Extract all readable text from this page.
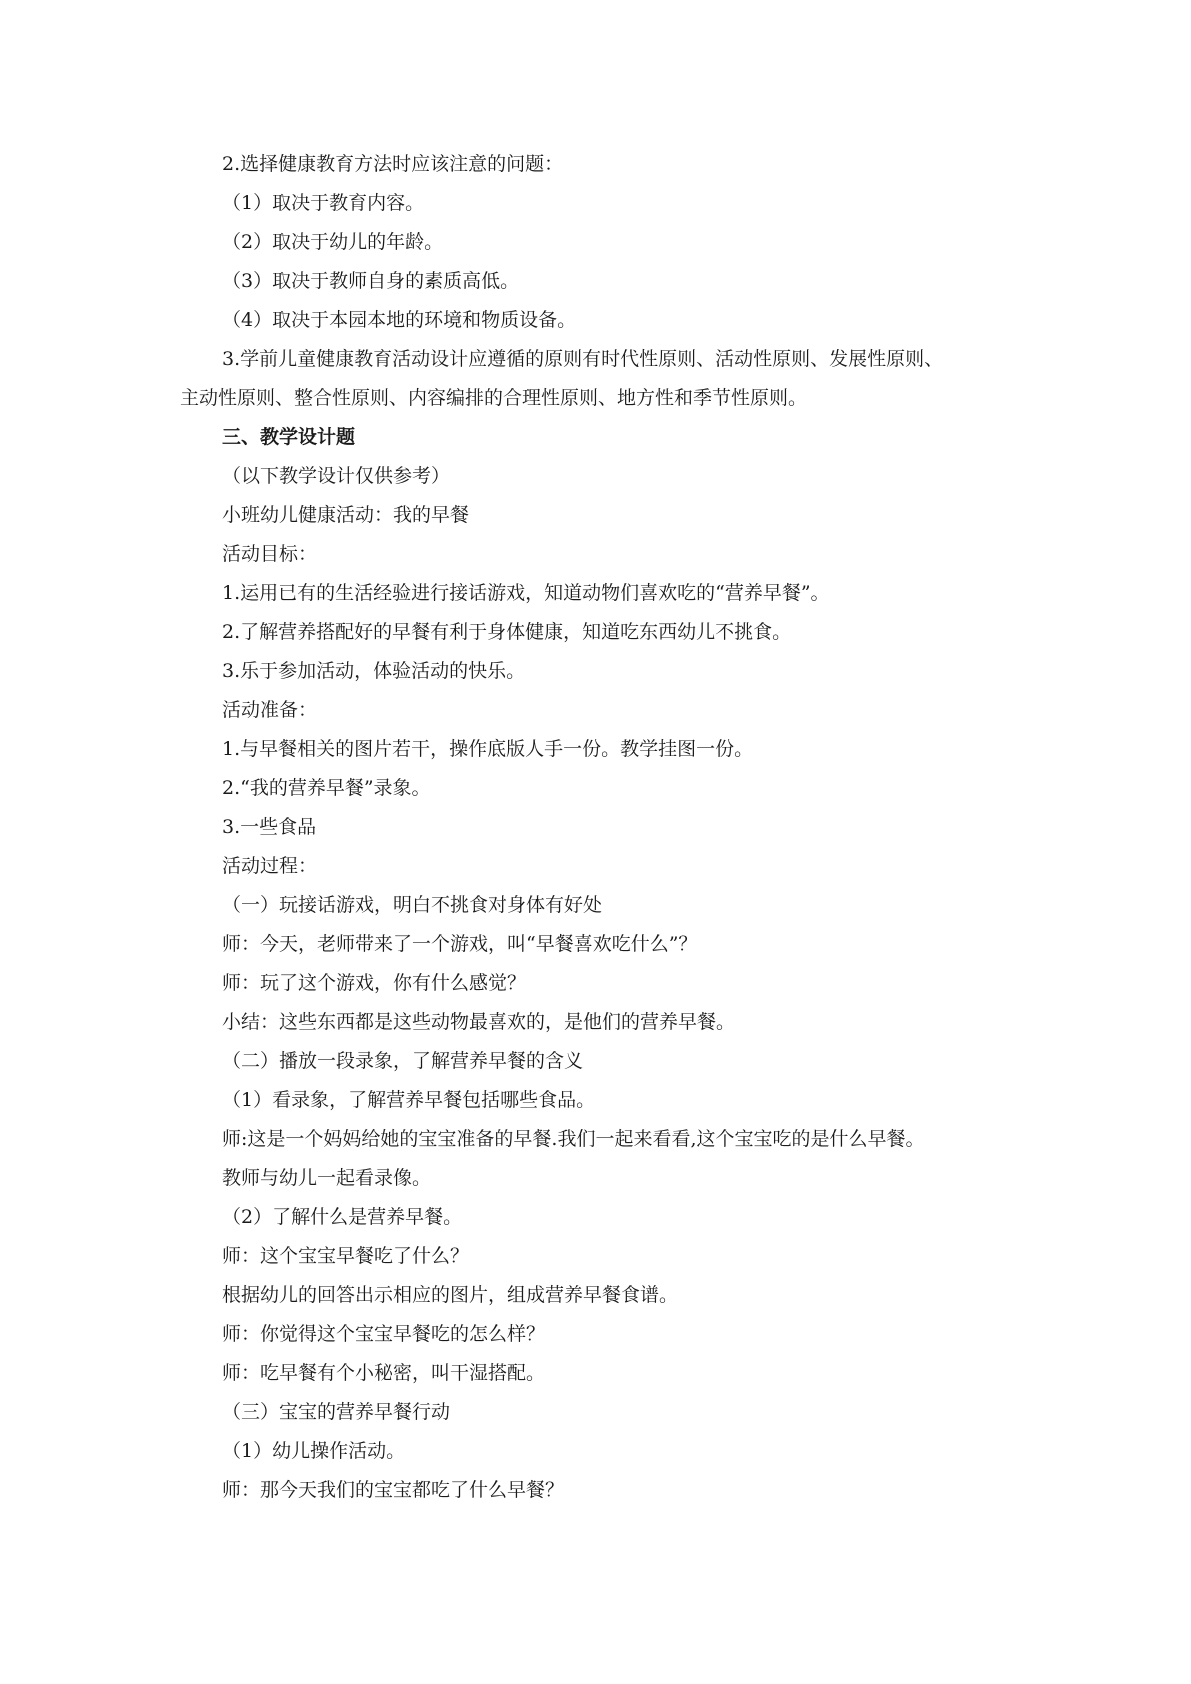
2.选择健康教育方法时应该注意的问题：
（1）取决于教育内容。
（2）取决于幼儿的年龄。
（3）取决于教师自身的素质高低。
（4）取决于本园本地的环境和物质设备。
3.学前儿童健康教育活动设计应遵循的原则有时代性原则、活动性原则、发展性原则、
主动性原则、整合性原则、内容编排的合理性原则、地方性和季节性原则。
三、教学设计题
（以下教学设计仅供参考）
小班幼儿健康活动：我的早餐
活动目标：
1.运用已有的生活经验进行接话游戏，知道动物们喜欢吃的“营养早餐”。
2.了解营养搭配好的早餐有利于身体健康，知道吃东西幼儿不挑食。
3.乐于参加活动，体验活动的快乐。
活动准备：
1.与早餐相关的图片若干，操作底版人手一份。教学挂图一份。
2.“我的营养早餐”录象。
3.一些食品
活动过程：
（一）玩接话游戏，明白不挑食对身体有好处
师：今天，老师带来了一个游戏，叫“早餐喜欢吃什么”？
师：玩了这个游戏，你有什么感觉？
小结：这些东西都是这些动物最喜欢的，是他们的营养早餐。
（二）播放一段录象，了解营养早餐的含义
（1）看录象，了解营养早餐包括哪些食品。
师:这是一个妈妈给她的宝宝准备的早餐.我们一起来看看,这个宝宝吃的是什么早餐。
教师与幼儿一起看录像。
（2）了解什么是营养早餐。
师：这个宝宝早餐吃了什么？
根据幼儿的回答出示相应的图片，组成营养早餐食谱。
师：你觉得这个宝宝早餐吃的怎么样？
师：吃早餐有个小秘密，叫干湿搭配。
（三）宝宝的营养早餐行动
（1）幼儿操作活动。
师：那今天我们的宝宝都吃了什么早餐？
